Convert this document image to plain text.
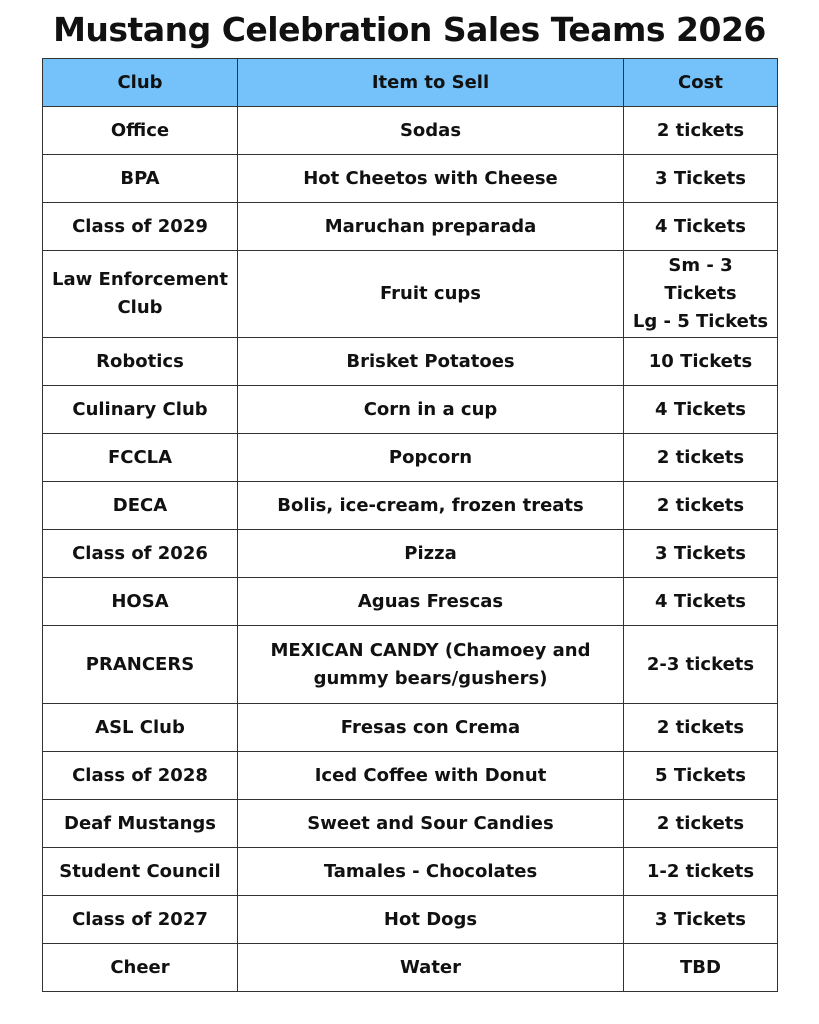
Mustang Celebration Sales Teams 2026
Club	Item to Sell	Cost
Office	Sodas	2 tickets
BPA	Hot Cheetos with Cheese	3 Tickets
Class of 2029	Maruchan preparada	4 Tickets
Law Enforcement Club	Fruit cups	Sm - 3 Tickets
Lg - 5 Tickets

Robotics	Brisket Potatoes	10 Tickets
Culinary Club	Corn in a cup	4 Tickets
FCCLA	Popcorn	2 tickets
DECA	Bolis, ice-cream, frozen treats	2 tickets
Class of 2026	Pizza	3 Tickets
HOSA	Aguas Frescas	4 Tickets
PRANCERS	MEXICAN CANDY (Chamoey and gummy bears/gushers)	2-3 tickets
ASL Club	Fresas con Crema	2 tickets
Class of 2028	Iced Coffee with Donut	5 Tickets
Deaf Mustangs	Sweet and Sour Candies	2 tickets
Student Council	Tamales - Chocolates	1-2 tickets
Class of 2027	Hot Dogs	3 Tickets
Cheer	Water	TBD
